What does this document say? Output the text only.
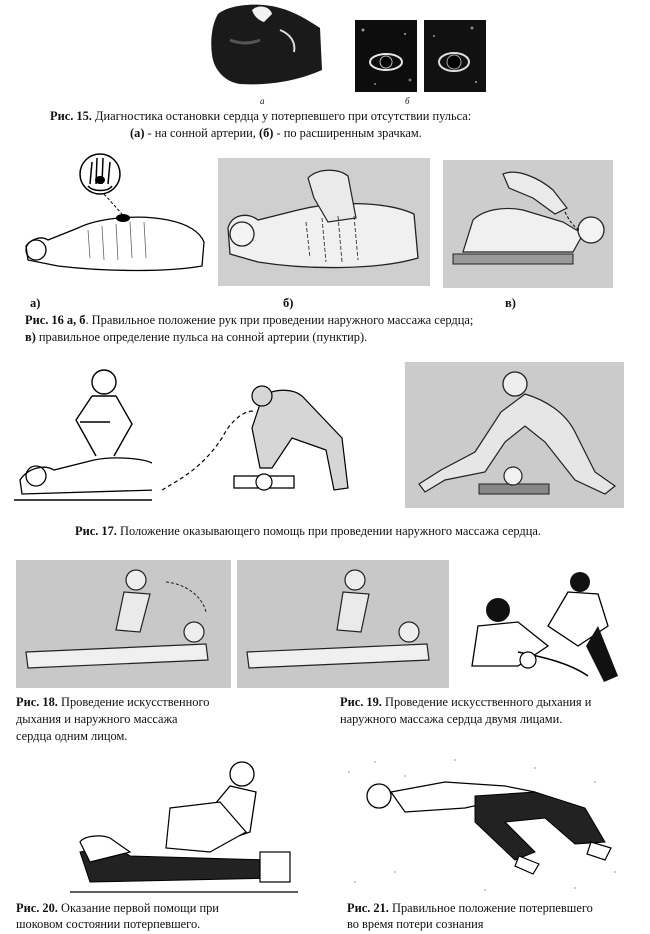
а	б
Рис. 15. Диагностика остановки сердца у потерпевшего при отсутствии пульса:
(а) - на сонной артерии, (б) - по расширенным зрачкам.
а)	б)	в)
Рис. 16 а, б. Правильное положение рук при проведении наружного массажа сердца;
в) правильное определение пульса на сонной артерии (пунктир).
Рис. 17. Положение оказывающего помощь при проведении наружного массажа сердца.
Рис. 18. Проведение искусственного
дыхания и наружного массажа
сердца одним лицом.
Рис. 19. Проведение искусственного дыхания и
наружного массажа сердца двумя лицами.
Рис. 20. Оказание первой помощи при
шоковом состоянии потерпевшего.
Рис. 21. Правильное положение потерпевшего
во время потери сознания
